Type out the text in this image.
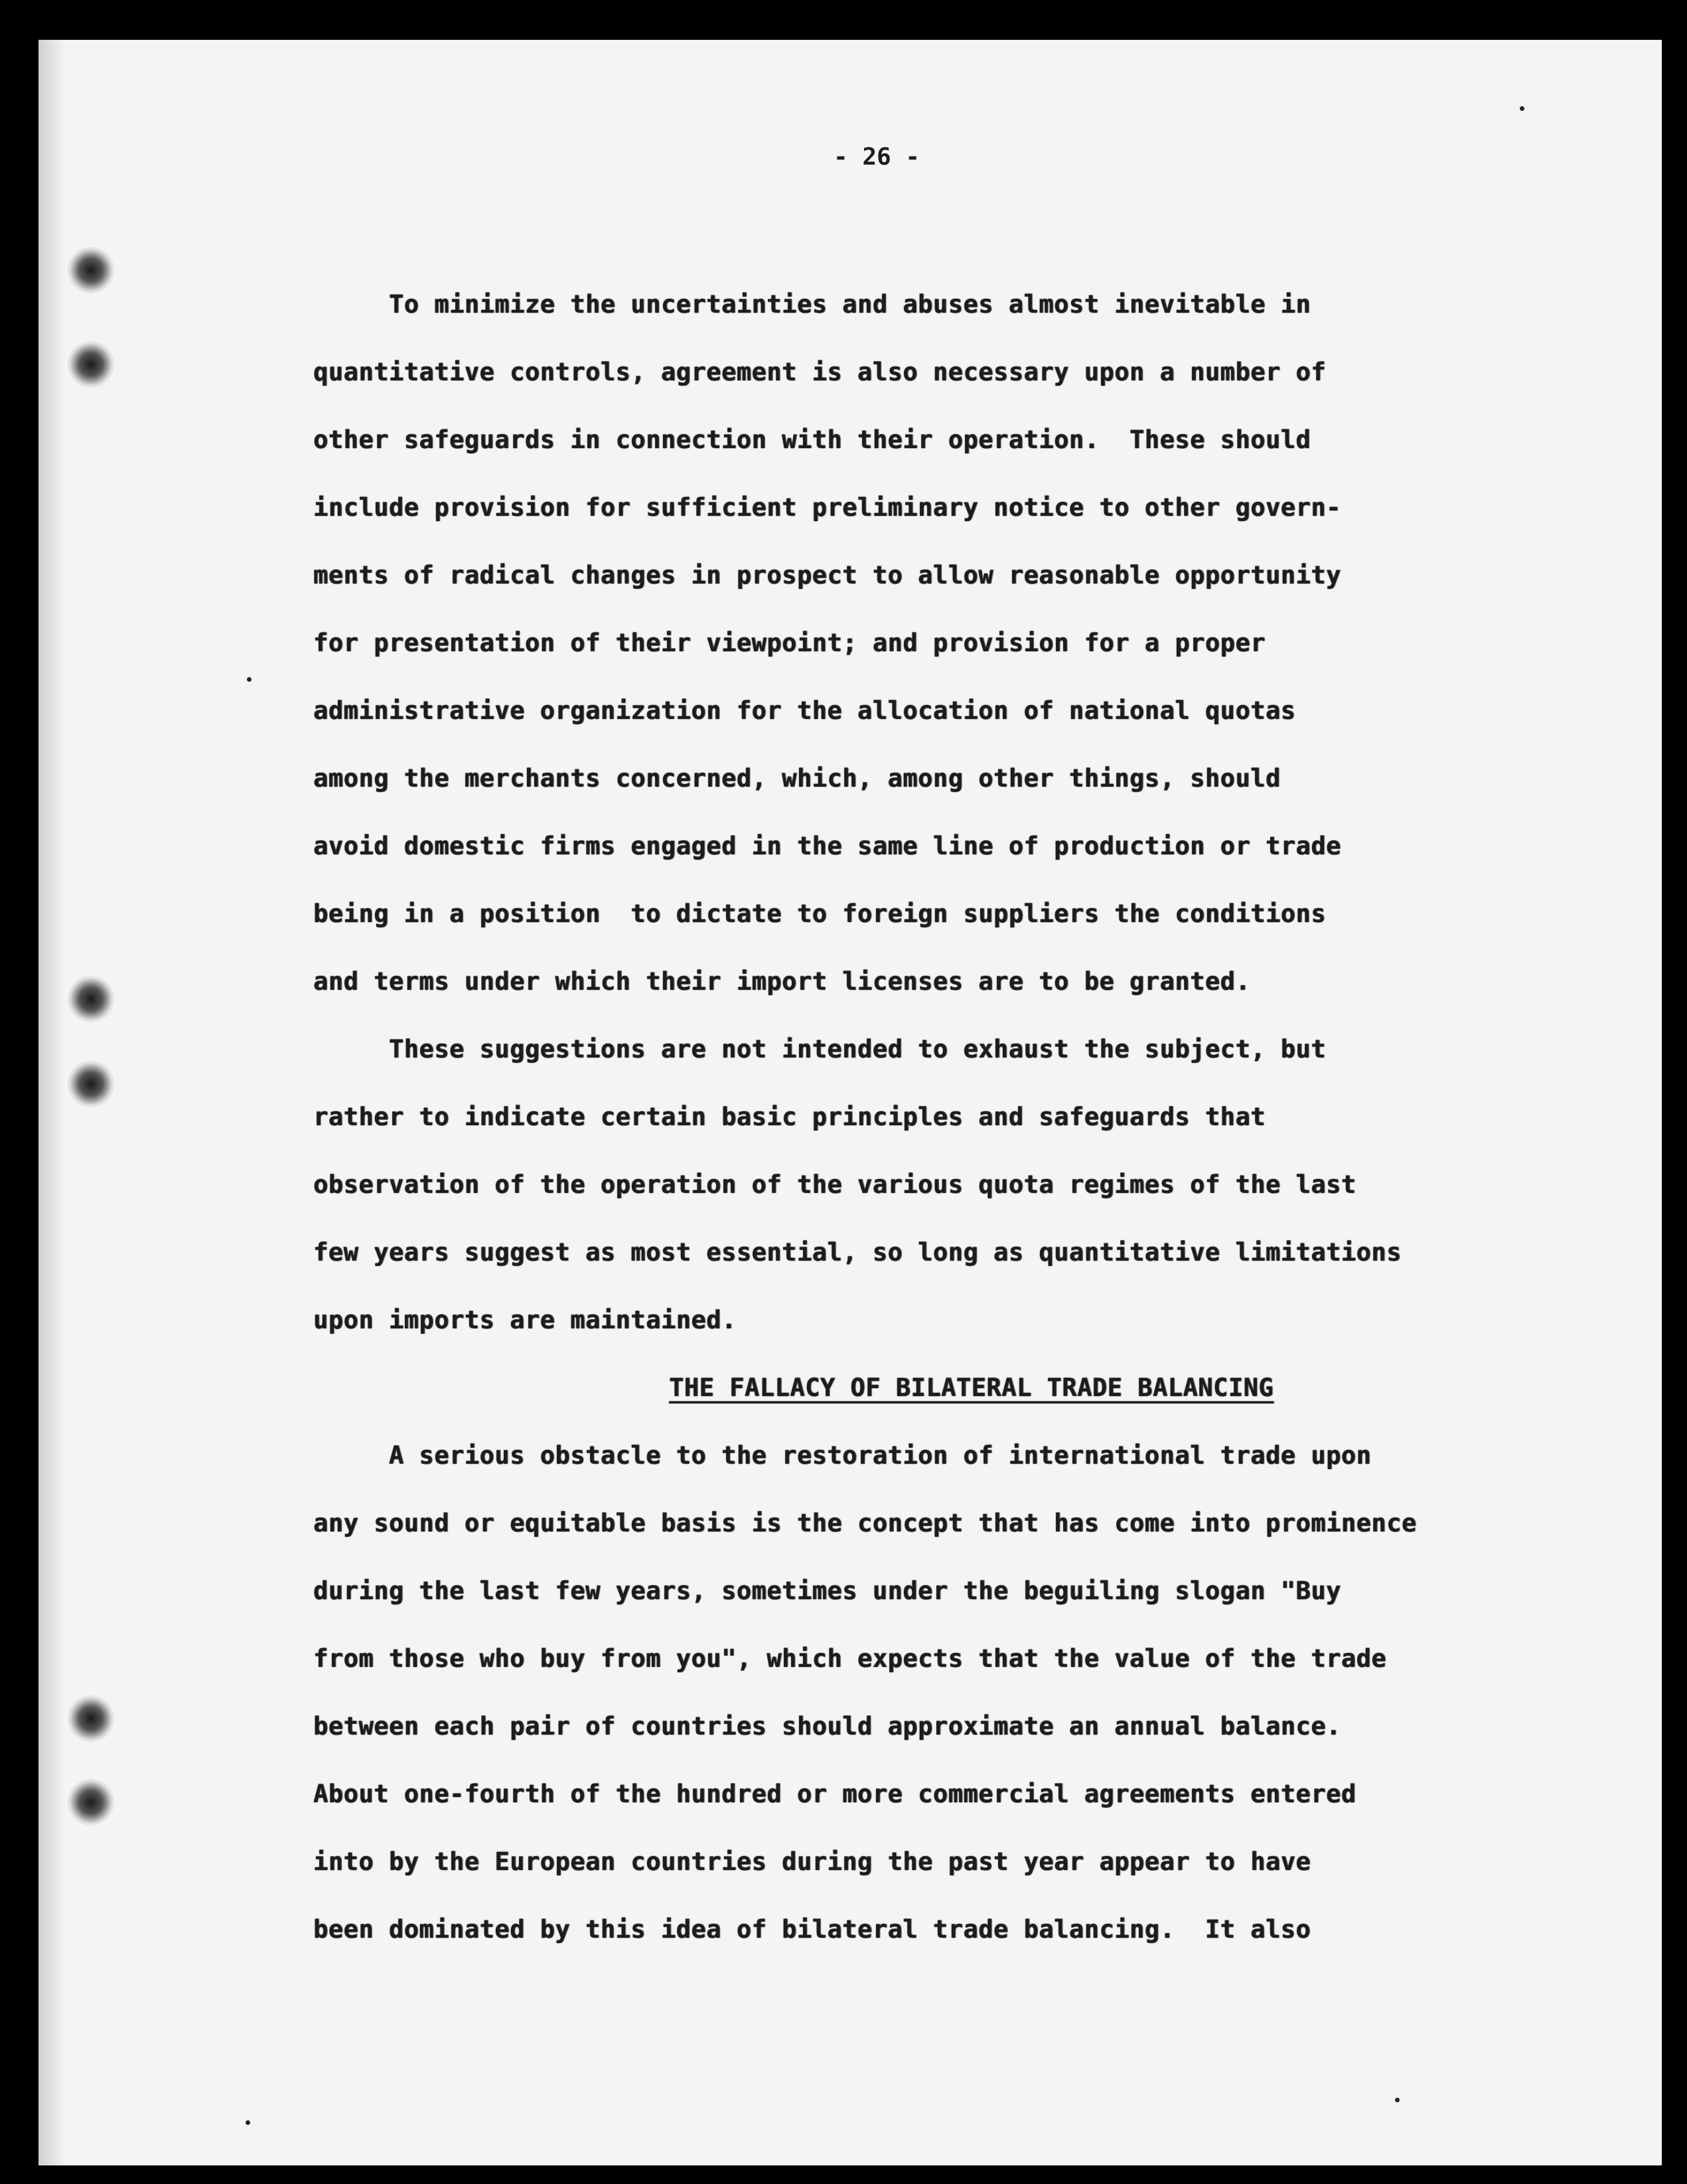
- 26 -
To minimize the uncertainties and abuses almost inevitable in
quantitative controls, agreement is also necessary upon a number of
other safeguards in connection with their operation.  These should
include provision for sufficient preliminary notice to other govern-
ments of radical changes in prospect to allow reasonable opportunity
for presentation of their viewpoint; and provision for a proper
administrative organization for the allocation of national quotas
among the merchants concerned, which, among other things, should
avoid domestic firms engaged in the same line of production or trade
being in a position  to dictate to foreign suppliers the conditions
and terms under which their import licenses are to be granted.
These suggestions are not intended to exhaust the subject, but
rather to indicate certain basic principles and safeguards that
observation of the operation of the various quota regimes of the last
few years suggest as most essential, so long as quantitative limitations
upon imports are maintained.
THE FALLACY OF BILATERAL TRADE BALANCING
A serious obstacle to the restoration of international trade upon
any sound or equitable basis is the concept that has come into prominence
during the last few years, sometimes under the beguiling slogan "Buy
from those who buy from you", which expects that the value of the trade
between each pair of countries should approximate an annual balance.
About one-fourth of the hundred or more commercial agreements entered
into by the European countries during the past year appear to have
been dominated by this idea of bilateral trade balancing.  It also
